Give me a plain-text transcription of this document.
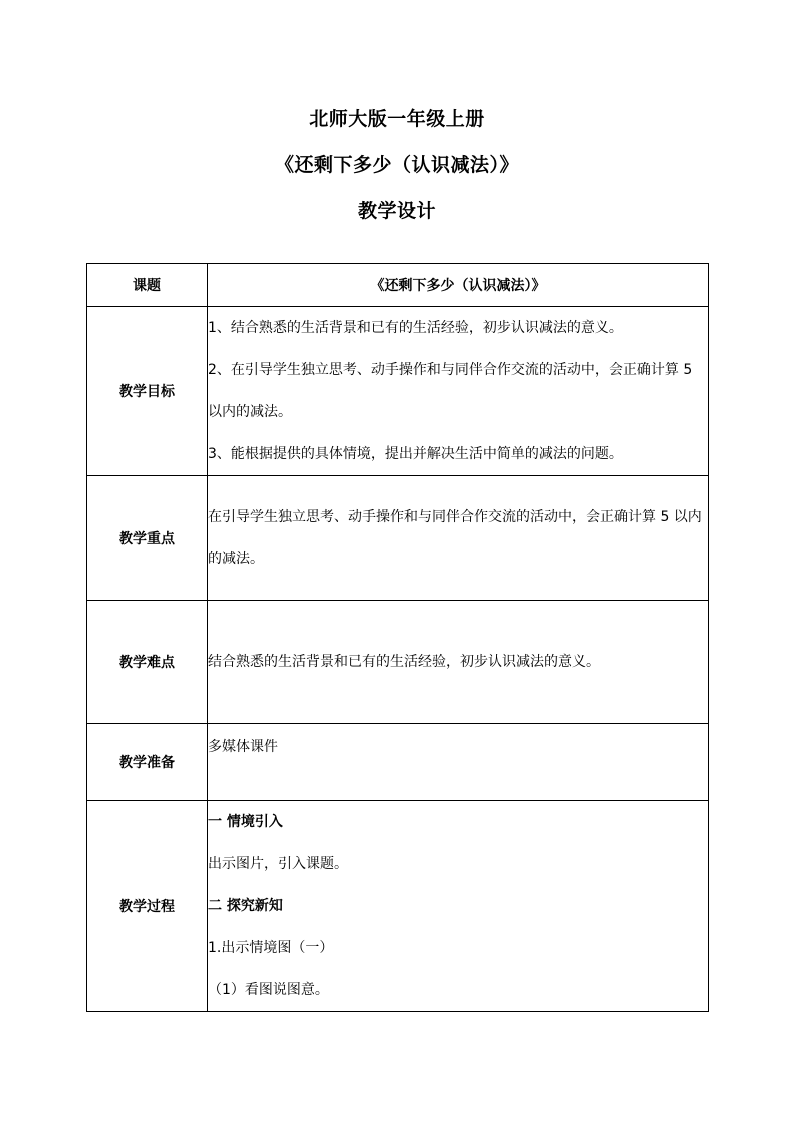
北师大版一年级上册
《还剩下多少（认识减法）》
教学设计
课题	《还剩下多少（认识减法）》
教学目标	1、结合熟悉的生活背景和已有的生活经验，初步认识减法的意义。

2、在引导学生独立思考、动手操作和与同伴合作交流的活动中，会正确计算 5 以内的减法。

3、能根据提供的具体情境，提出并解决生活中简单的减法的问题。

教学重点	在引导学生独立思考、动手操作和与同伴合作交流的活动中，会正确计算 5 以内的减法。

教学难点	结合熟悉的生活背景和已有的生活经验，初步认识减法的意义。

教学准备	多媒体课件
教学过程	一 情境引入

出示图片，引入课题。

二 探究新知

1.出示情境图（一）

（1）看图说图意。
